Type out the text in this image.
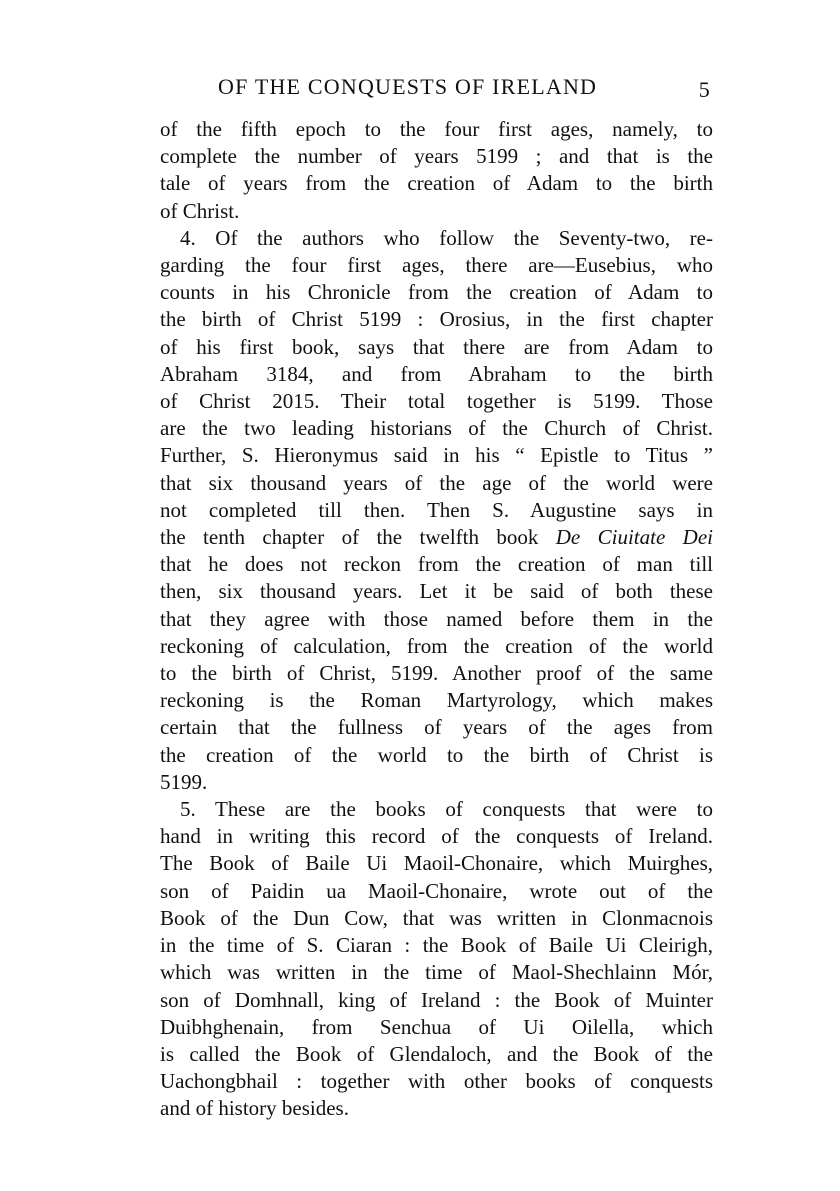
OF THE CONQUESTS OF IRELAND	5
of the fifth epoch to the four first ages, namely, to
complete the number of years 5199 ; and that is the
tale of years from the creation of Adam to the birth
of Christ.
4. Of the authors who follow the Seventy-two, re-
garding the four first ages, there are—Eusebius, who
counts in his Chronicle from the creation of Adam to
the birth of Christ 5199 : Orosius, in the first chapter
of his first book, says that there are from Adam to
Abraham 3184, and from Abraham to the birth
of Christ 2015. Their total together is 5199. Those
are the two leading historians of the Church of Christ.
Further, S. Hieronymus said in his “ Epistle to Titus ”
that six thousand years of the age of the world were
not completed till then. Then S. Augustine says in
the tenth chapter of the twelfth book De Ciuitate Dei
that he does not reckon from the creation of man till
then, six thousand years. Let it be said of both these
that they agree with those named before them in the
reckoning of calculation, from the creation of the world
to the birth of Christ, 5199. Another proof of the same
reckoning is the Roman Martyrology, which makes
certain that the fullness of years of the ages from
the creation of the world to the birth of Christ is
5199.
5. These are the books of conquests that were to
hand in writing this record of the conquests of Ireland.
The Book of Baile Ui Maoil-Chonaire, which Muirghes,
son of Paidin ua Maoil-Chonaire, wrote out of the
Book of the Dun Cow, that was written in Clonmacnois
in the time of S. Ciaran : the Book of Baile Ui Cleirigh,
which was written in the time of Maol-Shechlainn Mór,
son of Domhnall, king of Ireland : the Book of Muinter
Duibhghenain, from Senchua of Ui Oilella, which
is called the Book of Glendaloch, and the Book of the
Uachongbhail : together with other books of conquests
and of history besides.
